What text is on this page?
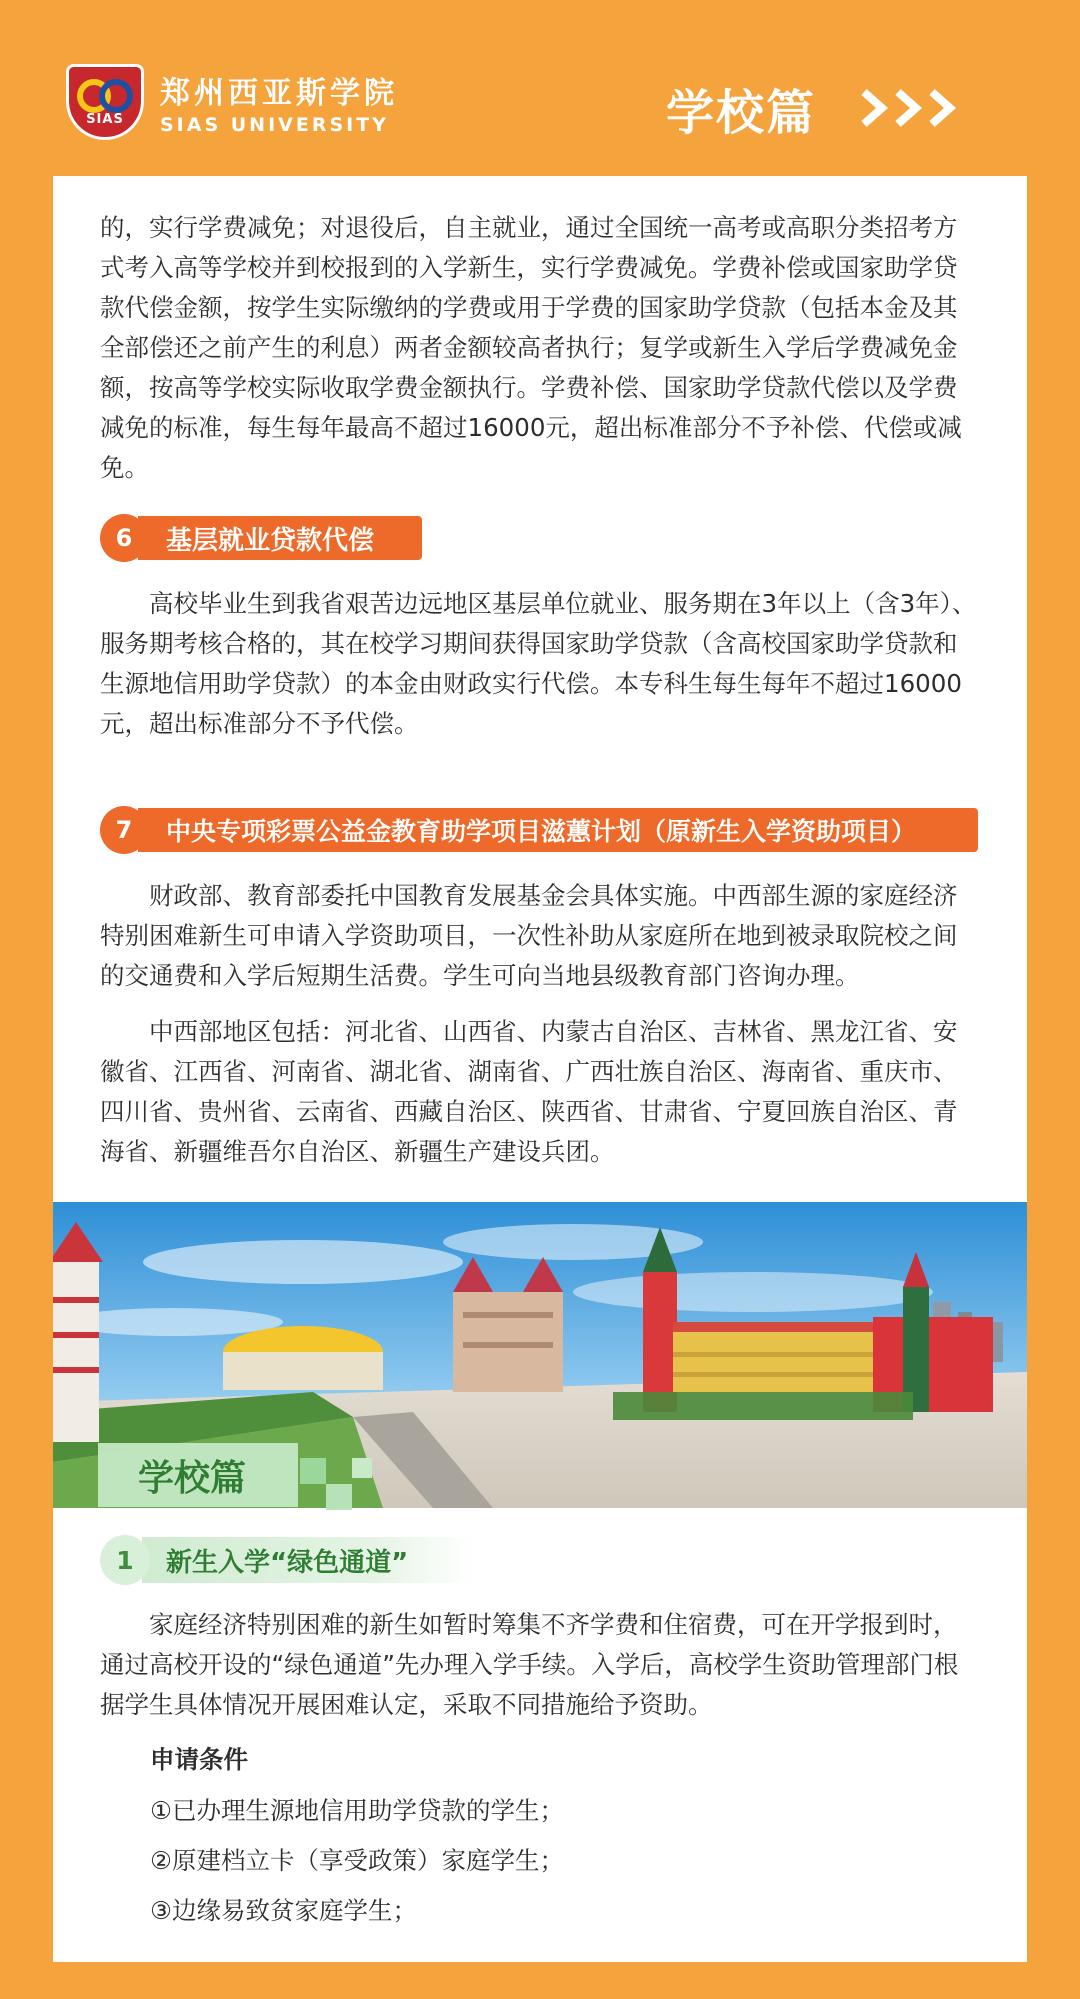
SIAS
郑州西亚斯学院
SIAS UNIVERSITY	学校篇
的，实行学费减免；对退役后，自主就业，通过全国统一高考或高职分类招考方式考入高等学校并到校报到的入学新生，实行学费减免。学费补偿或国家助学贷款代偿金额，按学生实际缴纳的学费或用于学费的国家助学贷款（包括本金及其全部偿还之前产生的利息）两者金额较高者执行；复学或新生入学后学费减免金额，按高等学校实际收取学费金额执行。学费补偿、国家助学贷款代偿以及学费减免的标准，每生每年最高不超过16000元，超出标准部分不予补偿、代偿或减免。
6	基层就业贷款代偿
高校毕业生到我省艰苦边远地区基层单位就业、服务期在3年以上（含3年）、服务期考核合格的，其在校学习期间获得国家助学贷款（含高校国家助学贷款和生源地信用助学贷款）的本金由财政实行代偿。本专科生每生每年不超过16000元，超出标准部分不予代偿。
7	中央专项彩票公益金教育助学项目滋蕙计划（原新生入学资助项目）
财政部、教育部委托中国教育发展基金会具体实施。中西部生源的家庭经济特别困难新生可申请入学资助项目，一次性补助从家庭所在地到被录取院校之间的交通费和入学后短期生活费。学生可向当地县级教育部门咨询办理。
中西部地区包括：河北省、山西省、内蒙古自治区、吉林省、黑龙江省、安徽省、江西省、河南省、湖北省、湖南省、广西壮族自治区、海南省、重庆市、四川省、贵州省、云南省、西藏自治区、陕西省、甘肃省、宁夏回族自治区、青海省、新疆维吾尔自治区、新疆生产建设兵团。
学校篇
1	新生入学“绿色通道”
家庭经济特别困难的新生如暂时筹集不齐学费和住宿费，可在开学报到时，通过高校开设的“绿色通道”先办理入学手续。入学后，高校学生资助管理部门根据学生具体情况开展困难认定，采取不同措施给予资助。
申请条件
①已办理生源地信用助学贷款的学生；
②原建档立卡（享受政策）家庭学生；
③边缘易致贫家庭学生；
